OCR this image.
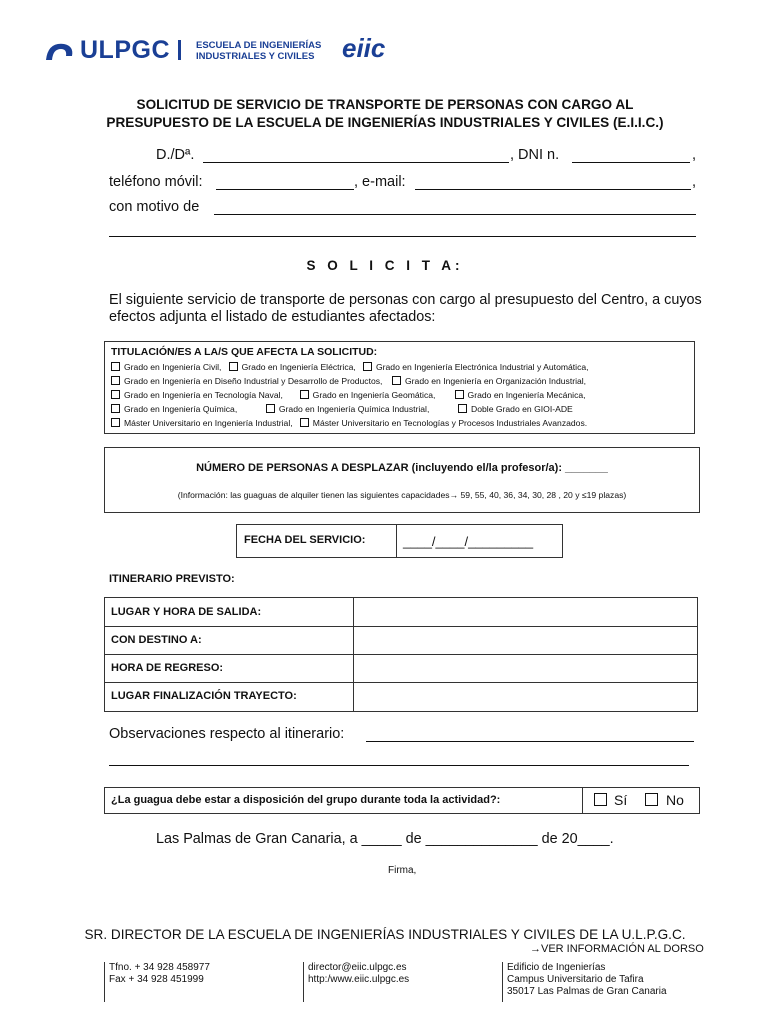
ULPGC	ESCUELA DE INGENIERÍAS
INDUSTRIALES Y CIVILES eiic
SOLICITUD DE SERVICIO DE TRANSPORTE DE PERSONAS CON CARGO AL
PRESUPUESTO DE LA ESCUELA DE INGENIERÍAS INDUSTRIALES Y CIVILES (E.I.I.C.)
D./Dª.	, DNI n.	,
teléfono móvil:	, e-mail:	,
con motivo de
S O L I C I T A:
El siguiente servicio de transporte de personas con cargo al presupuesto del Centro, a cuyos efectos adjunta el listado de estudiantes afectados:
TITULACIÓN/ES A LA/S QUE AFECTA LA SOLICITUD:
Grado en Ingeniería Civil, Grado en Ingeniería Eléctrica, Grado en Ingeniería Electrónica Industrial y Automática,
Grado en Ingeniería en Diseño Industrial y Desarrollo de Productos,	Grado en Ingeniería en Organización Industrial,
Grado en Ingeniería en Tecnología Naval,	Grado en Ingeniería Geomática,	Grado en Ingeniería Mecánica,
Grado en Ingeniería Química,	Grado en Ingeniería Química Industrial,	Doble Grado en GIOI-ADE
Máster Universitario en Ingeniería Industrial, Máster Universitario en Tecnologías y Procesos Industriales Avanzados.
NÚMERO DE PERSONAS A DESPLAZAR (incluyendo el/la profesor/a): _______
(Información: las guaguas de alquiler tienen las siguientes capacidades→ 59, 55, 40, 36, 34, 30, 28 , 20 y ≤19 plazas)
FECHA DEL SERVICIO:	____/____/_________
ITINERARIO PREVISTO:
LUGAR Y HORA DE SALIDA:
CON DESTINO A:
HORA DE REGRESO:
LUGAR FINALIZACIÓN TRAYECTO:
Observaciones respecto al itinerario:
¿La guagua debe estar a disposición del grupo durante toda la actividad?:	Sí	No
Las Palmas de Gran Canaria, a _____ de ______________ de 20____.
Firma,
SR. DIRECTOR DE LA ESCUELA DE INGENIERÍAS INDUSTRIALES Y CIVILES DE LA U.L.P.G.C.
→VER INFORMACIÓN AL DORSO
Tfno. + 34 928 458977
Fax + 34 928 451999
director@eiic.ulpgc.es
http:/www.eiic.ulpgc.es
Edificio de Ingenierías
Campus Universitario de Tafira
35017 Las Palmas de Gran Canaria
